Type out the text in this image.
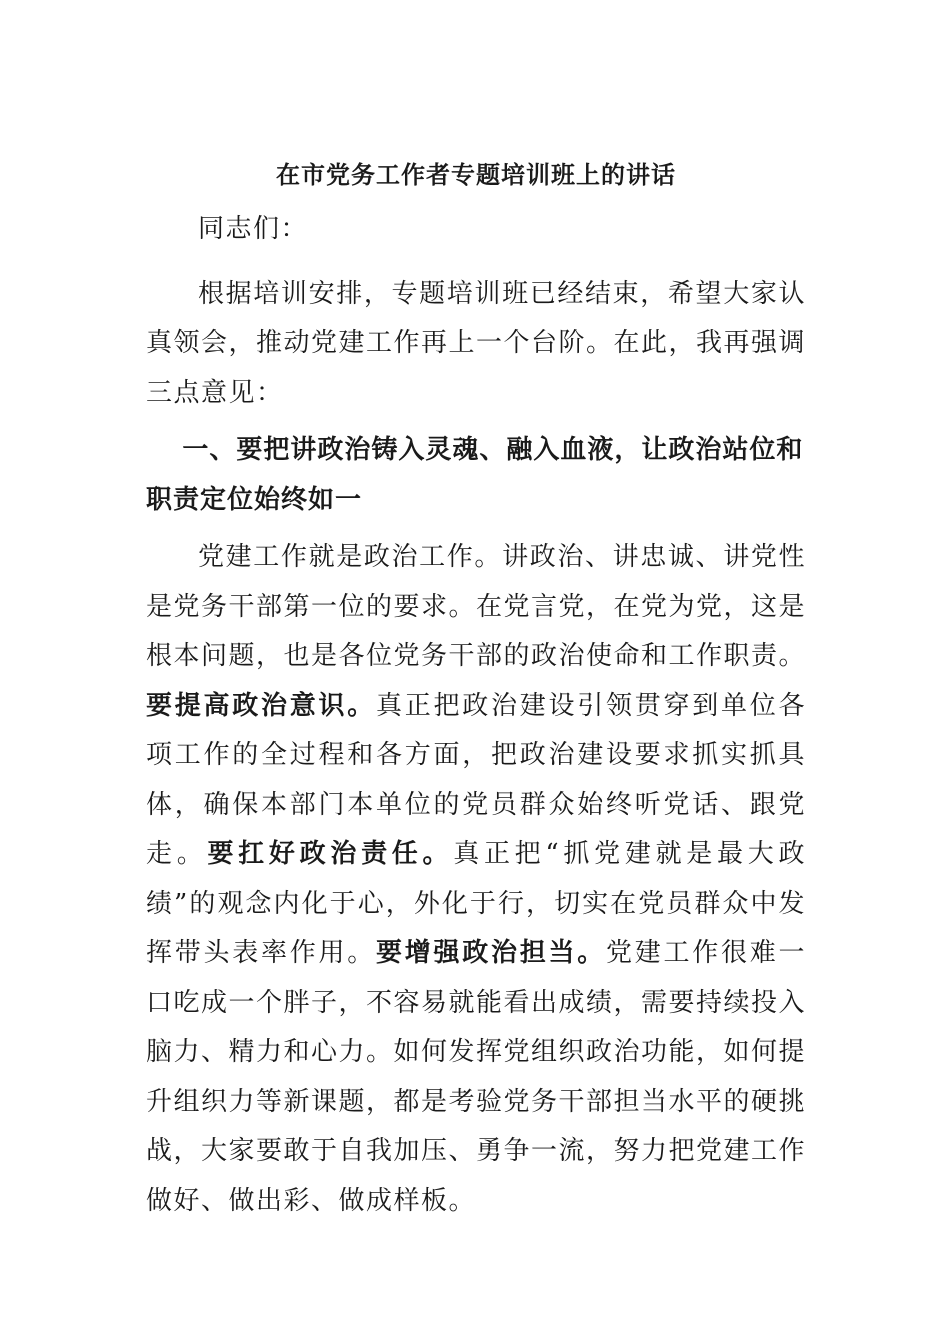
在市党务工作者专题培训班上的讲话

同志们：

根据培训安排，专题培训班已经结束，希望大家认真领会，推动党建工作再上一个台阶。在此，我再强调三点意见：

一、要把讲政治铸入灵魂、融入血液，让政治站位和职责定位始终如一

党建工作就是政治工作。讲政治、讲忠诚、讲党性是党务干部第一位的要求。在党言党，在党为党，这是根本问题，也是各位党务干部的政治使命和工作职责。要提高政治意识。真正把政治建设引领贯穿到单位各项工作的全过程和各方面，把政治建设要求抓实抓具体，确保本部门本单位的党员群众始终听党话、跟党走。要扛好政治责任。真正把“抓党建就是最大政绩”的观念内化于心，外化于行，切实在党员群众中发挥带头表率作用。要增强政治担当。党建工作很难一口吃成一个胖子，不容易就能看出成绩，需要持续投入脑力、精力和心力。如何发挥党组织政治功能，如何提升组织力等新课题，都是考验党务干部担当水平的硬挑战，大家要敢于自我加压、勇争一流，努力把党建工作做好、做出彩、做成样板。
